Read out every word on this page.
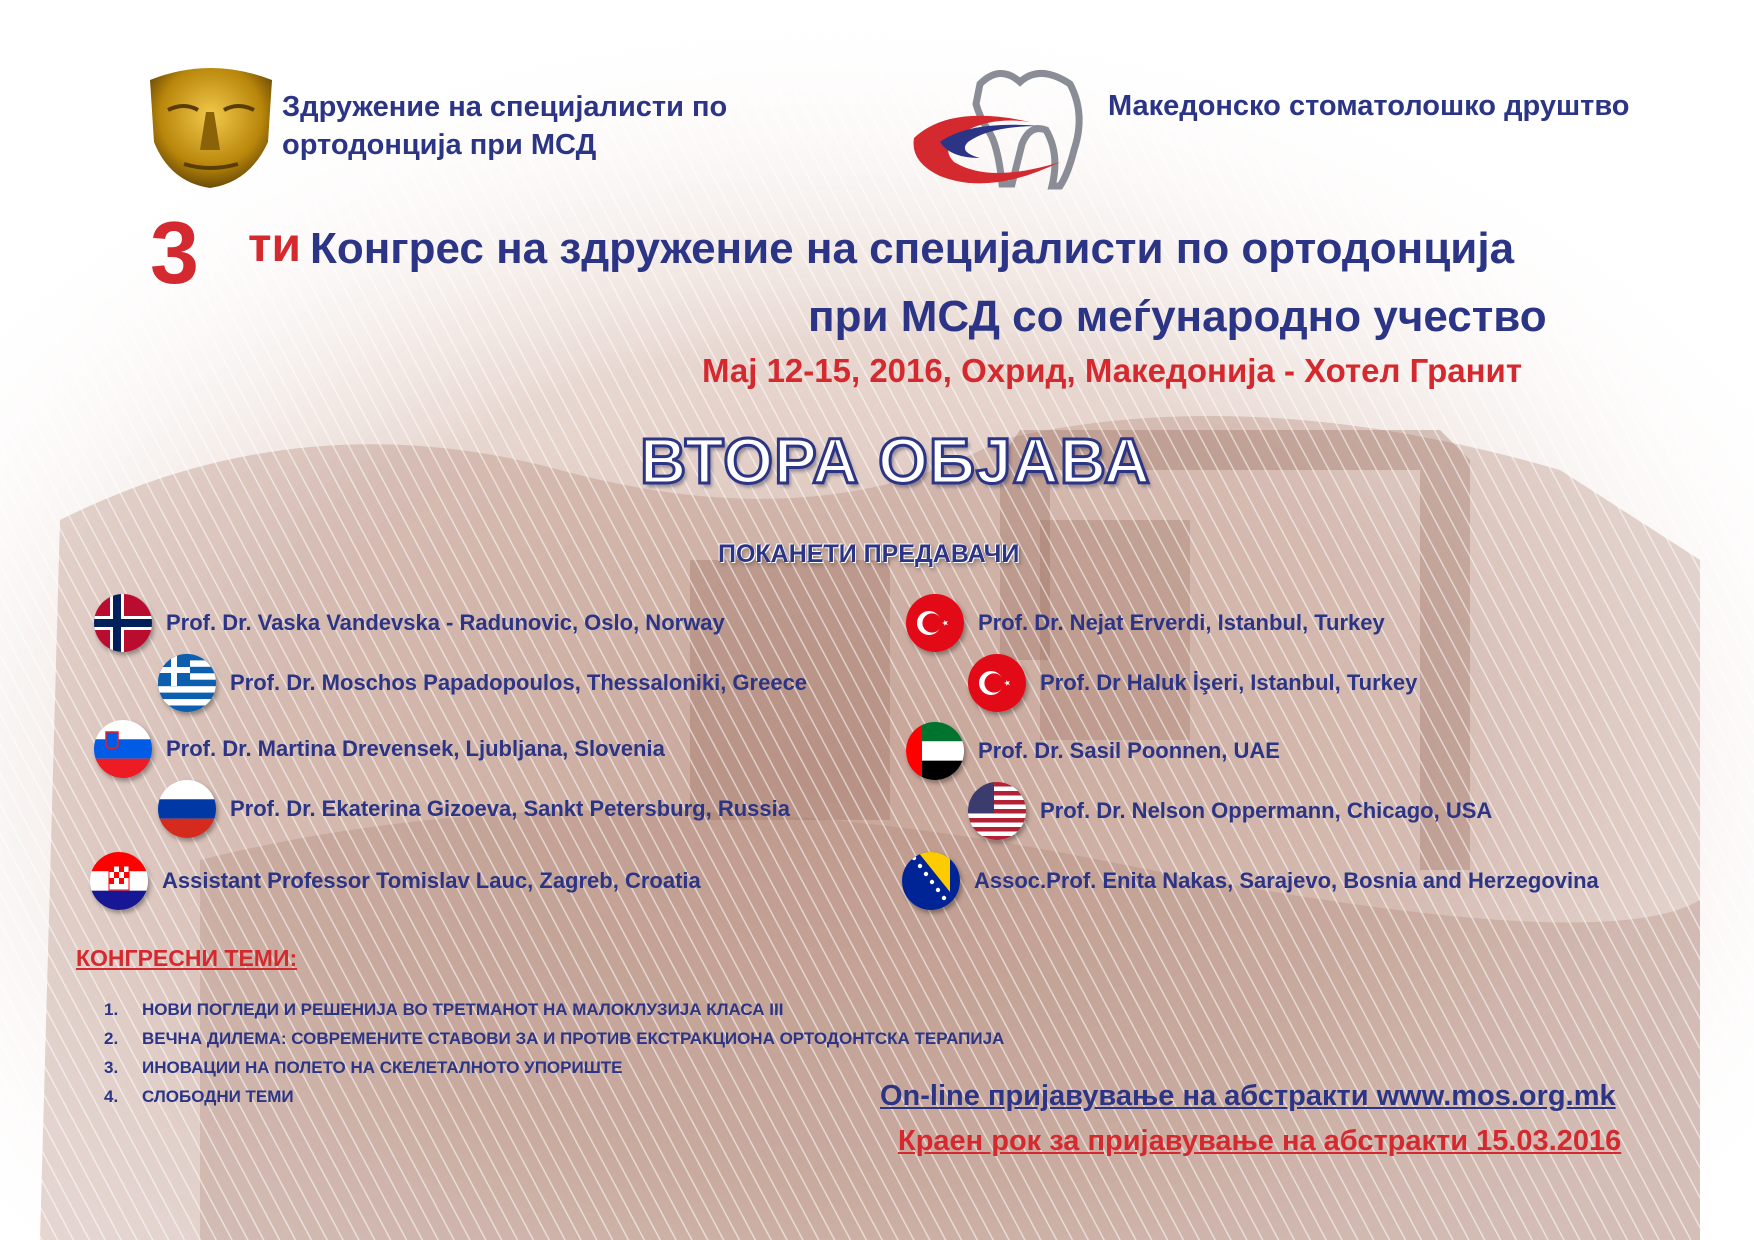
Здружение на специјалисти по
ортодонција при МСД
Македонско стоматолошко друштво
3 ти Конгрес на здружение на специјалисти по ортодонција
при МСД со меѓународно учество
Мај 12-15, 2016, Охрид, Македонија - Хотел Гранит
ВТОРА ОБЈАВА
ПОКАНЕТИ ПРЕДАВАЧИ
Prof. Dr. Vaska Vandevska - Radunovic, Oslo, Norway
Prof. Dr. Moschos Papadopoulos, Thessaloniki, Greece
Prof. Dr. Martina Drevensek, Ljubljana, Slovenia
Prof. Dr. Ekaterina Gizoeva, Sankt Petersburg, Russia
Assistant Professor Tomislav Lauc, Zagreb, Croatia
Prof. Dr. Nejat Erverdi, Istanbul, Turkey
Prof. Dr Haluk İşeri, Istanbul, Turkey
Prof. Dr. Sasil Poonnen, UAE
Prof. Dr. Nelson Oppermann, Chicago, USA
Assoc.Prof. Enita Nakas, Sarajevo, Bosnia and Herzegovina
КОНГРЕСНИ ТЕМИ:
1. НОВИ ПОГЛЕДИ И РЕШЕНИЈА ВО ТРЕТМАНОТ НА МАЛОКЛУЗИЈА КЛАСА III
2. ВЕЧНА ДИЛЕМА: СОВРЕМЕНИТЕ СТАВОВИ ЗА И ПРОТИВ ЕКСТРАКЦИОНА ОРТОДОНТСКА ТЕРАПИЈА
3. ИНОВАЦИИ НА ПОЛЕТО НА СКЕЛЕТАЛНОТО УПОРИШТЕ
4. СЛОБОДНИ ТЕМИ	On-line пријавување на абстракти www.mos.org.mk
Краен рок за пријавување на абстракти 15.03.2016
